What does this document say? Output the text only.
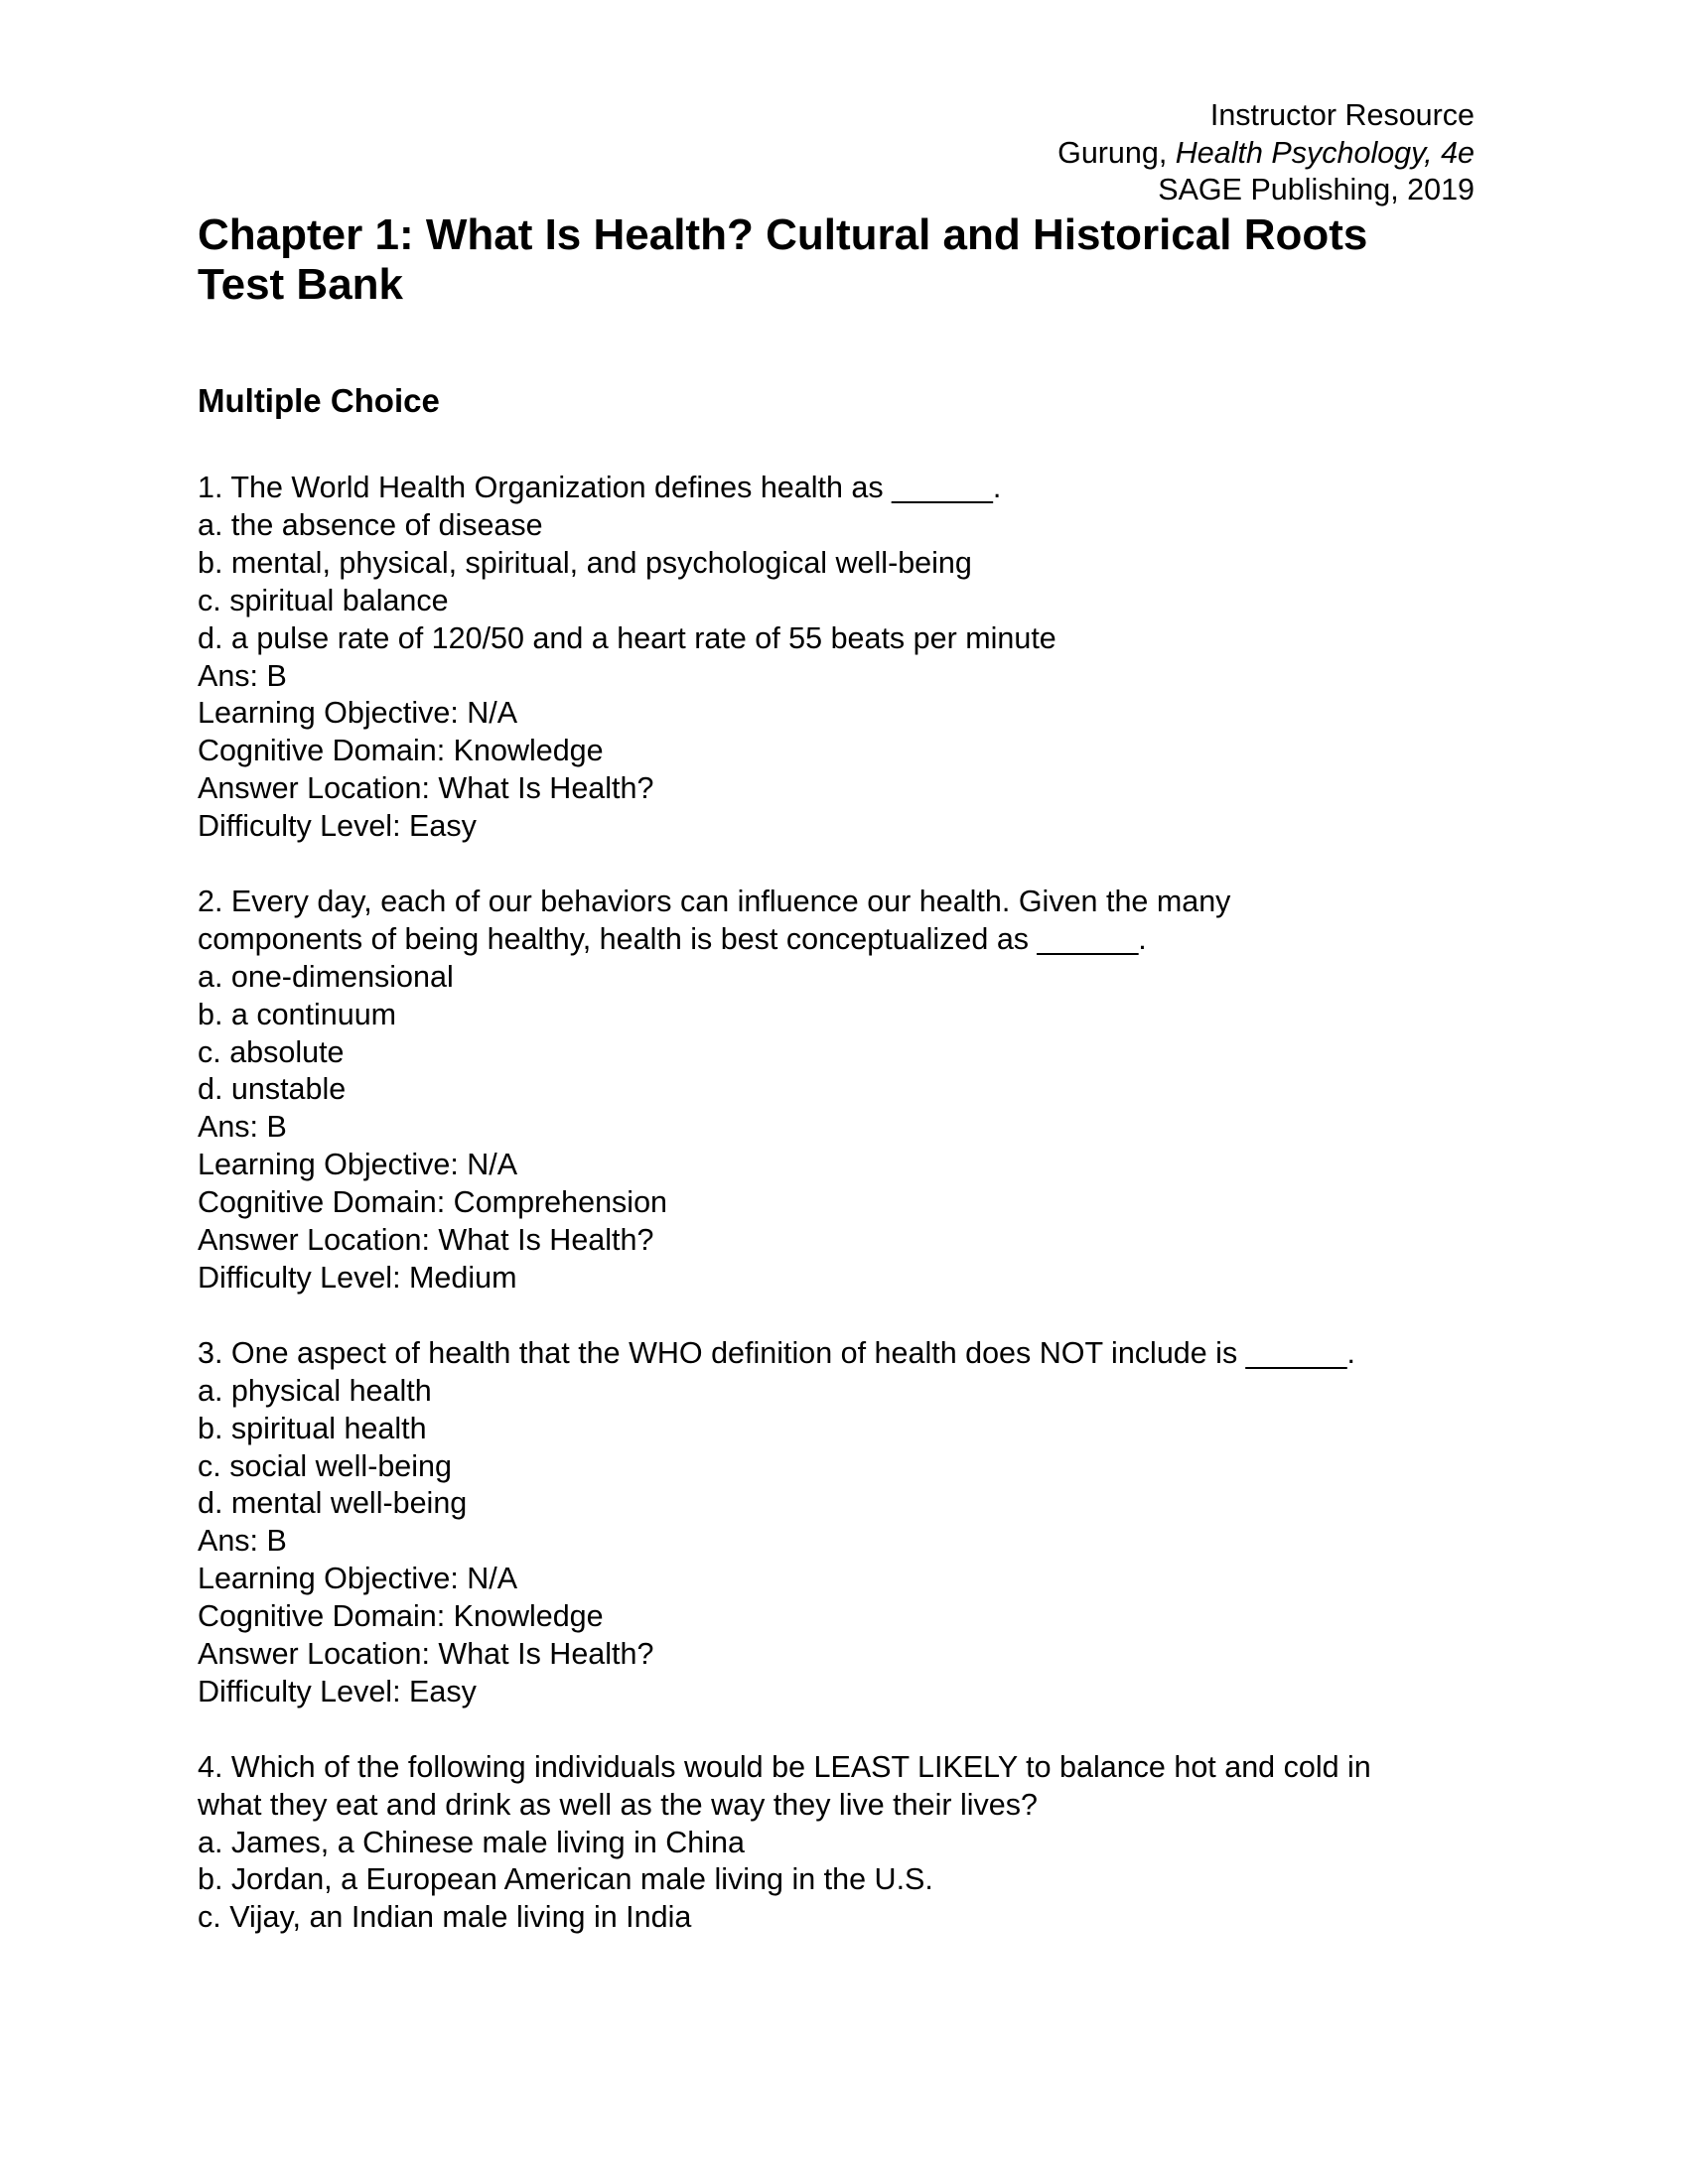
Instructor Resource
Gurung, Health Psychology, 4e
SAGE Publishing, 2019
Chapter 1: What Is Health? Cultural and Historical Roots
Test Bank
Multiple Choice
1. The World Health Organization defines health as ______.
a. the absence of disease
b. mental, physical, spiritual, and psychological well-being
c. spiritual balance
d. a pulse rate of 120/50 and a heart rate of 55 beats per minute
Ans: B
Learning Objective: N/A
Cognitive Domain: Knowledge
Answer Location: What Is Health?
Difficulty Level: Easy
2. Every day, each of our behaviors can influence our health. Given the many
components of being healthy, health is best conceptualized as ______.
a. one-dimensional
b. a continuum
c. absolute
d. unstable
Ans: B
Learning Objective: N/A
Cognitive Domain: Comprehension
Answer Location: What Is Health?
Difficulty Level: Medium
3. One aspect of health that the WHO definition of health does NOT include is ______.
a. physical health
b. spiritual health
c. social well-being
d. mental well-being
Ans: B
Learning Objective: N/A
Cognitive Domain: Knowledge
Answer Location: What Is Health?
Difficulty Level: Easy
4. Which of the following individuals would be LEAST LIKELY to balance hot and cold in
what they eat and drink as well as the way they live their lives?
a. James, a Chinese male living in China
b. Jordan, a European American male living in the U.S.
c. Vijay, an Indian male living in India
